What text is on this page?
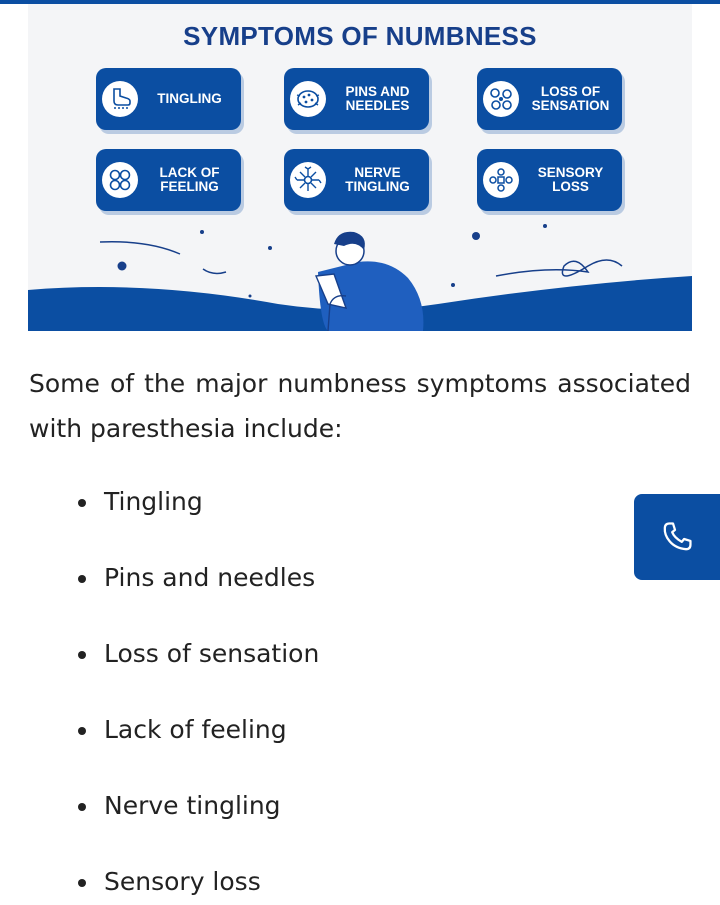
SYMPTOMS OF NUMBNESS
TINGLING	PINS AND
NEEDLES
LOSS OF
SENSATION
LACK OF
FEELING
NERVE
TINGLING
SENSORY
LOSS
Some of the major numbness symptoms associated with paresthesia include:
Tingling
Pins and needles
Loss of sensation
Lack of feeling
Nerve tingling
Sensory loss
